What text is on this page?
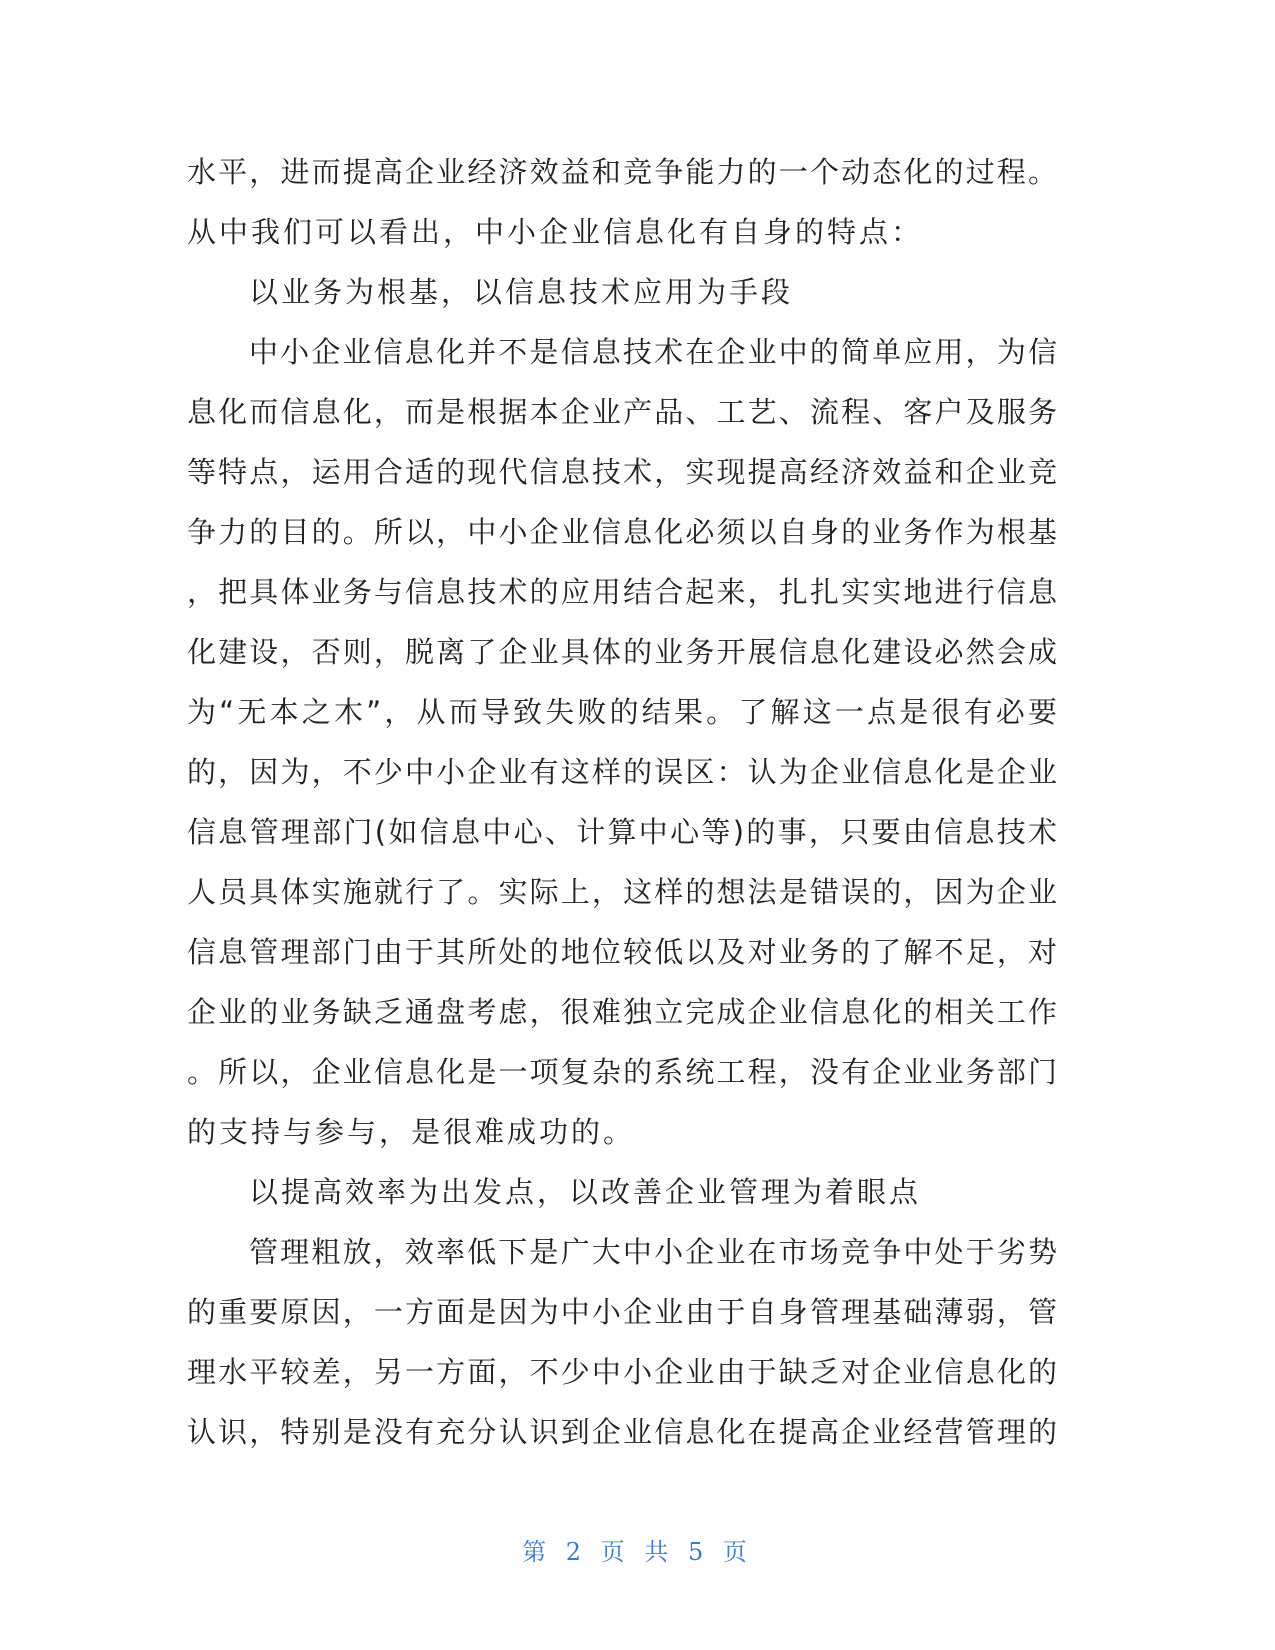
水平，进而提高企业经济效益和竞争能力的一个动态化的过程。
从中我们可以看出，中小企业信息化有自身的特点：
以业务为根基，以信息技术应用为手段
中小企业信息化并不是信息技术在企业中的简单应用，为信
息化而信息化，而是根据本企业产品、工艺、流程、客户及服务
等特点，运用合适的现代信息技术，实现提高经济效益和企业竞
争力的目的。所以，中小企业信息化必须以自身的业务作为根基
，把具体业务与信息技术的应用结合起来，扎扎实实地进行信息
化建设，否则，脱离了企业具体的业务开展信息化建设必然会成
为“无本之木”，从而导致失败的结果。了解这一点是很有必要
的，因为，不少中小企业有这样的误区：认为企业信息化是企业
信息管理部门(如信息中心、计算中心等)的事，只要由信息技术
人员具体实施就行了。实际上，这样的想法是错误的，因为企业
信息管理部门由于其所处的地位较低以及对业务的了解不足，对
企业的业务缺乏通盘考虑，很难独立完成企业信息化的相关工作
。所以，企业信息化是一项复杂的系统工程，没有企业业务部门
的支持与参与，是很难成功的。
以提高效率为出发点，以改善企业管理为着眼点
管理粗放，效率低下是广大中小企业在市场竞争中处于劣势
的重要原因，一方面是因为中小企业由于自身管理基础薄弱，管
理水平较差，另一方面，不少中小企业由于缺乏对企业信息化的
认识，特别是没有充分认识到企业信息化在提高企业经营管理的
第 2 页 共 5 页
